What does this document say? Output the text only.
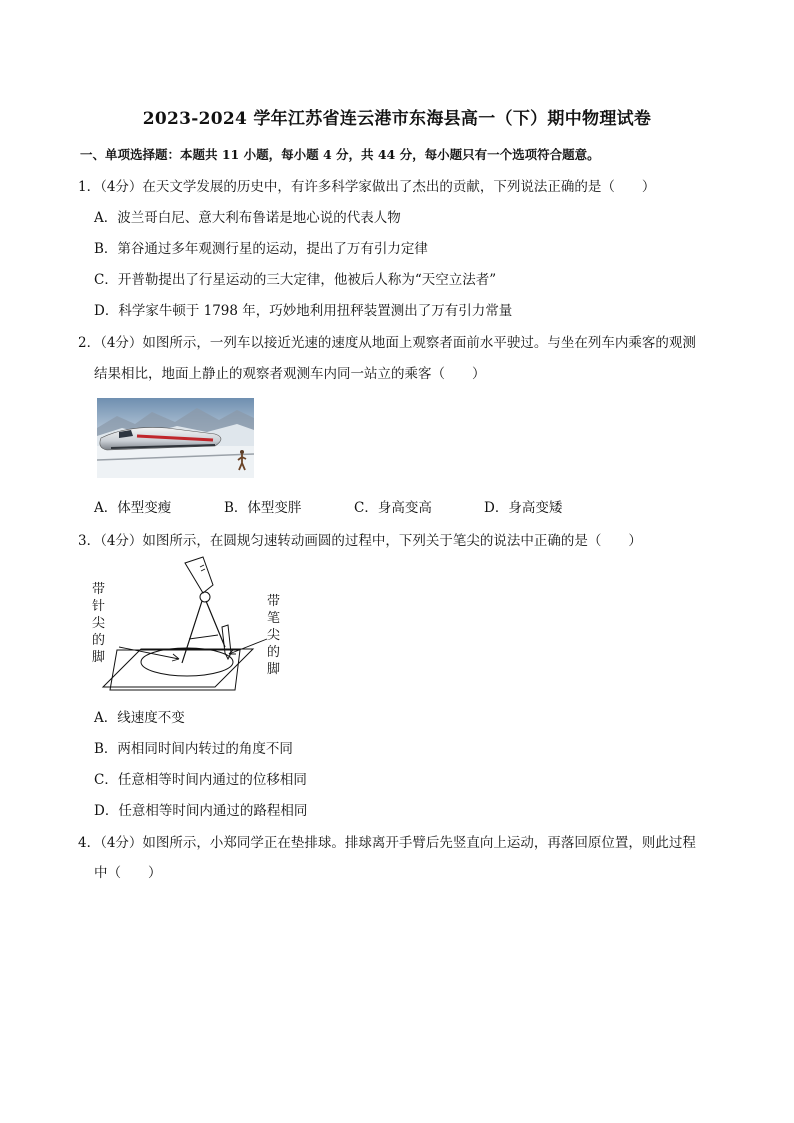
2023-2024 学年江苏省连云港市东海县高一（下）期中物理试卷
一、单项选择题：本题共 11 小题，每小题 4 分，共 44 分，每小题只有一个选项符合题意。
1．（4分）在天文学发展的历史中，有许多科学家做出了杰出的贡献，下列说法正确的是（　　）
A．波兰哥白尼、意大利布鲁诺是地心说的代表人物
B．第谷通过多年观测行星的运动，提出了万有引力定律
C．开普勒提出了行星运动的三大定律，他被后人称为“天空立法者”
D．科学家牛顿于 1798 年，巧妙地利用扭秤装置测出了万有引力常量
2．（4分）如图所示，一列车以接近光速的速度从地面上观察者面前水平驶过。与坐在列车内乘客的观测
结果相比，地面上静止的观察者观测车内同一站立的乘客（　　）
A．体型变瘦	B．体型变胖	C．身高变高	D．身高变矮
3．（4分）如图所示，在圆规匀速转动画圆的过程中，下列关于笔尖的说法中正确的是（　　）
带
针
尖
的
脚
带
笔
尖
的
脚
A．线速度不变
B．两相同时间内转过的角度不同
C．任意相等时间内通过的位移相同
D．任意相等时间内通过的路程相同
4．（4分）如图所示，小郑同学正在垫排球。排球离开手臂后先竖直向上运动，再落回原位置，则此过程
中（　　）
